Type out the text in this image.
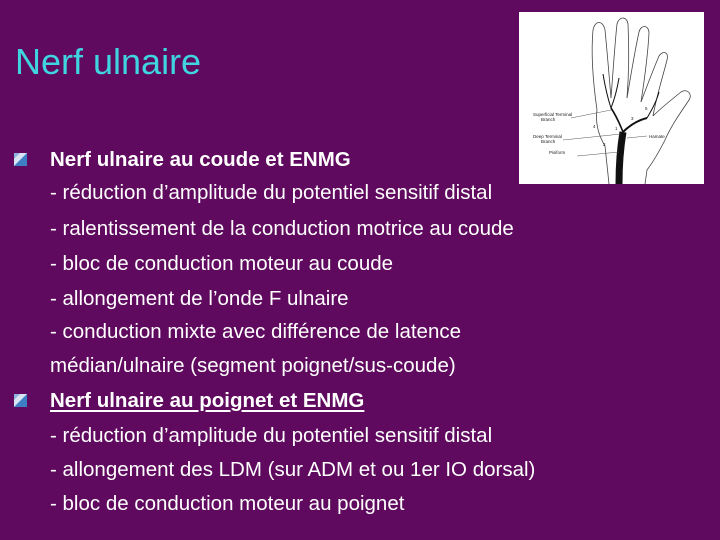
Nerf ulnaire
Superficial Terminal
Branch
Deep Terminal
Branch
Hamate
Pisiform
1
2
3
4
5
Nerf ulnaire au coude et ENMG
- réduction d’amplitude du potentiel sensitif distal
- ralentissement de la conduction motrice au coude
- bloc de conduction moteur au coude
- allongement de l’onde F ulnaire
- conduction mixte avec différence de latence
médian/ulnaire (segment poignet/sus-coude)
Nerf ulnaire au poignet et ENMG
- réduction d’amplitude du potentiel sensitif distal
- allongement des LDM (sur ADM et ou 1er IO dorsal)
- bloc de conduction moteur au poignet
